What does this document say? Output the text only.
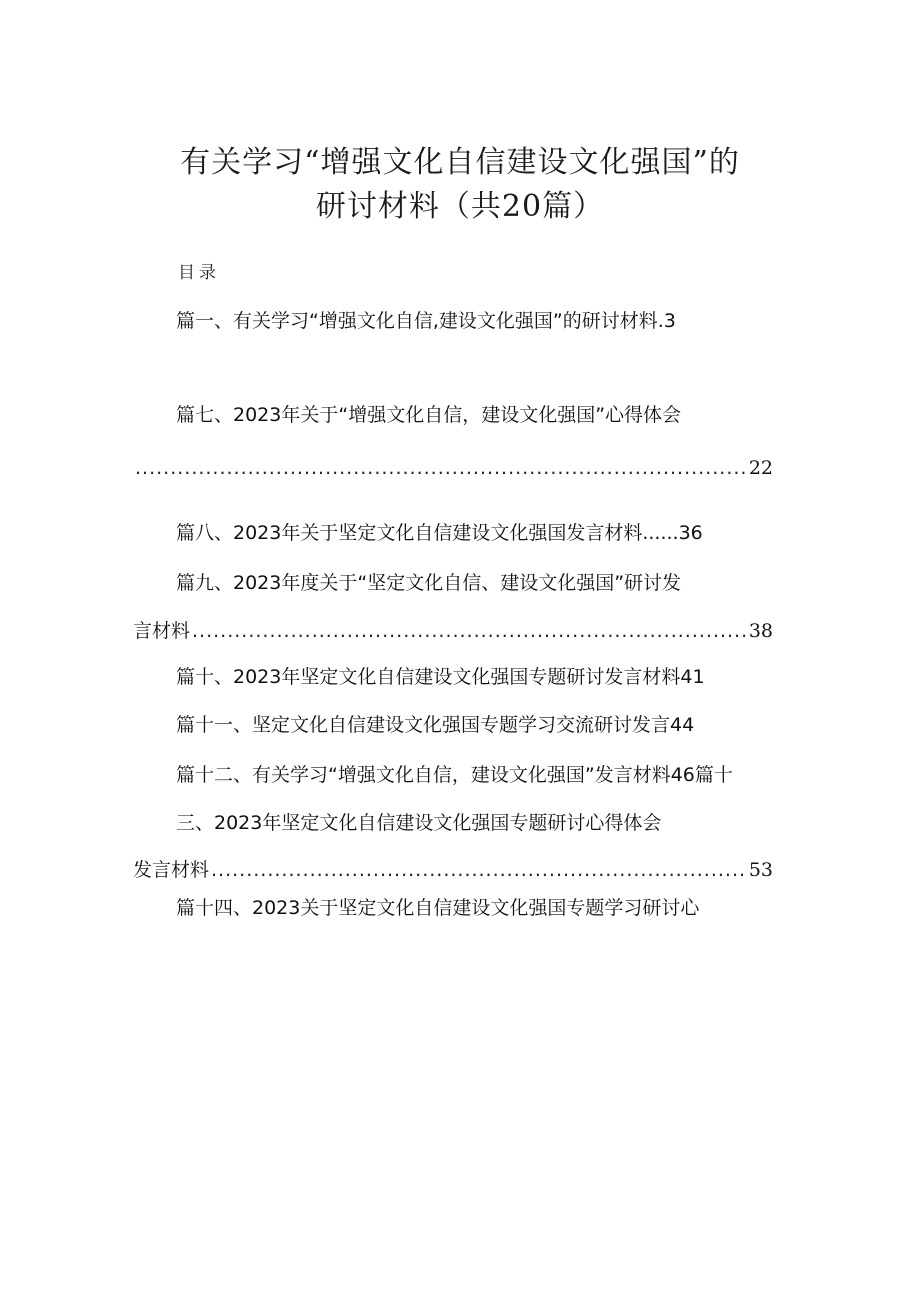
有关学习“增强文化自信建设文化强国”的
研讨材料（共20篇）
目录
篇一、有关学习“增强文化自信,建设文化强国”的研讨材料.3
篇七、2023年关于“增强文化自信，建设文化强国”心得体会
.....
22
篇八、2023年关于坚定文化自信建设文化强国发言材料......36
篇九、2023年度关于“坚定文化自信、建设文化强国”研讨发
言材料 .....	38
篇十、2023年坚定文化自信建设文化强国专题研讨发言材料41
篇十一、坚定文化自信建设文化强国专题学习交流研讨发言44
篇十二、有关学习“增强文化自信，建设文化强国”发言材料46篇十
三、2023年坚定文化自信建设文化强国专题研讨心得体会
发言材料 .....	53
篇十四、2023关于坚定文化自信建设文化强国专题学习研讨心
